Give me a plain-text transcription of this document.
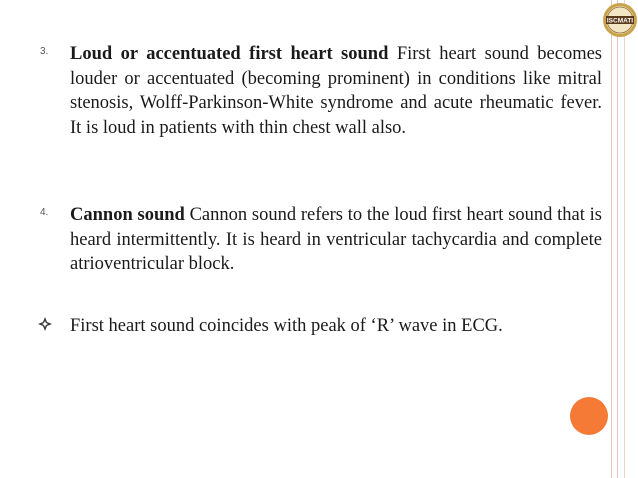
ISCMATI
3. Loud or accentuated first heart sound First heart sound becomes louder or accentuated (becoming prominent) in conditions like mitral stenosis, Wolff-Parkinson-White syndrome and acute rheumatic fever. It is loud in patients with thin chest wall also.
4. Cannon sound Cannon sound refers to the loud first heart sound that is heard intermittently. It is heard in ventricular tachycardia and complete atrioventricular block.
First heart sound coincides with peak of ‘R’ wave in ECG.
